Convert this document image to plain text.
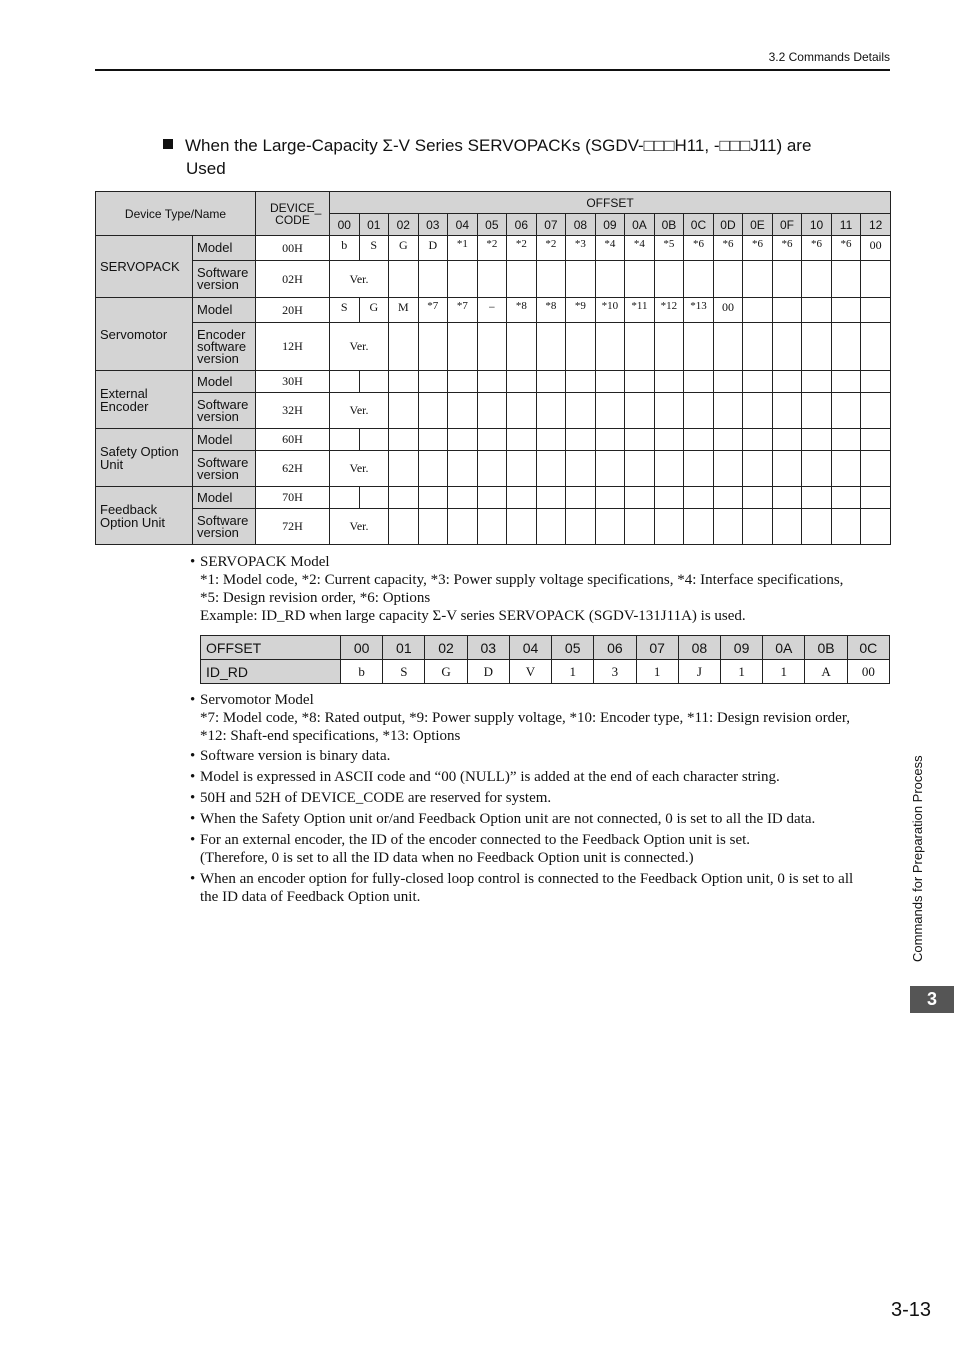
3.2 Commands Details
When the Large-Capacity Σ-V Series SERVOPACKs (SGDV-□□□H11, -□□□J11) are
Used
Device Type/Name		DEVICE_ CODE	OFFSET																		
			00	01	02	03	04	05	06	07	08	09	0A	0B	0C	0D	0E	0F	10	11	12
SERVOPACK	Model	00H	b	S	G	D	*1	*2	*2	*2	*3	*4	*4	*5	*6	*6	*6	*6	*6	*6	00
	Software version	02H	Ver.																		
Servomotor	Model	20H	S	G	M	*7	*7	−	*8	*8	*9	*10	*11	*12	*13	00					
	Encoder software version	12H	Ver.																		
External Encoder	Model	30H																			
	Software version	32H	Ver.																		
Safety Option Unit	Model	60H																			
	Software version	62H	Ver.																		
Feedback Option Unit	Model	70H																			
	Software version	72H	Ver.																		

• SERVOPACK Model
*1: Model code, *2: Current capacity, *3: Power supply voltage specifications, *4: Interface specifications,
*5: Design revision order, *6: Options
Example: ID_RD when large capacity Σ-V series SERVOPACK (SGDV-131J11A) is used.

OFFSET	00	01	02	03	04	05	06	07	08	09	0A	0B	0C
ID_RD	b	S	G	D	V	1	3	1	J	1	1	A	00

• Servomotor Model
*7: Model code, *8: Rated output, *9: Power supply voltage, *10: Encoder type, *11: Design revision order,
*12: Shaft-end specifications, *13: Options

• Software version is binary data.

• Model is expressed in ASCII code and “00 (NULL)” is added at the end of each character string.

• 50H and 52H of DEVICE_CODE are reserved for system.

• When the Safety Option unit or/and Feedback Option unit are not connected, 0 is set to all the ID data.

• For an external encoder, the ID of the encoder connected to the Feedback Option unit is set.
(Therefore, 0 is set to all the ID data when no Feedback Option unit is connected.)

• When an encoder option for fully-closed loop control is connected to the Feedback Option unit, 0 is set to all
the ID data of Feedback Option unit.	Commands for Preparation Process
3
3-13
